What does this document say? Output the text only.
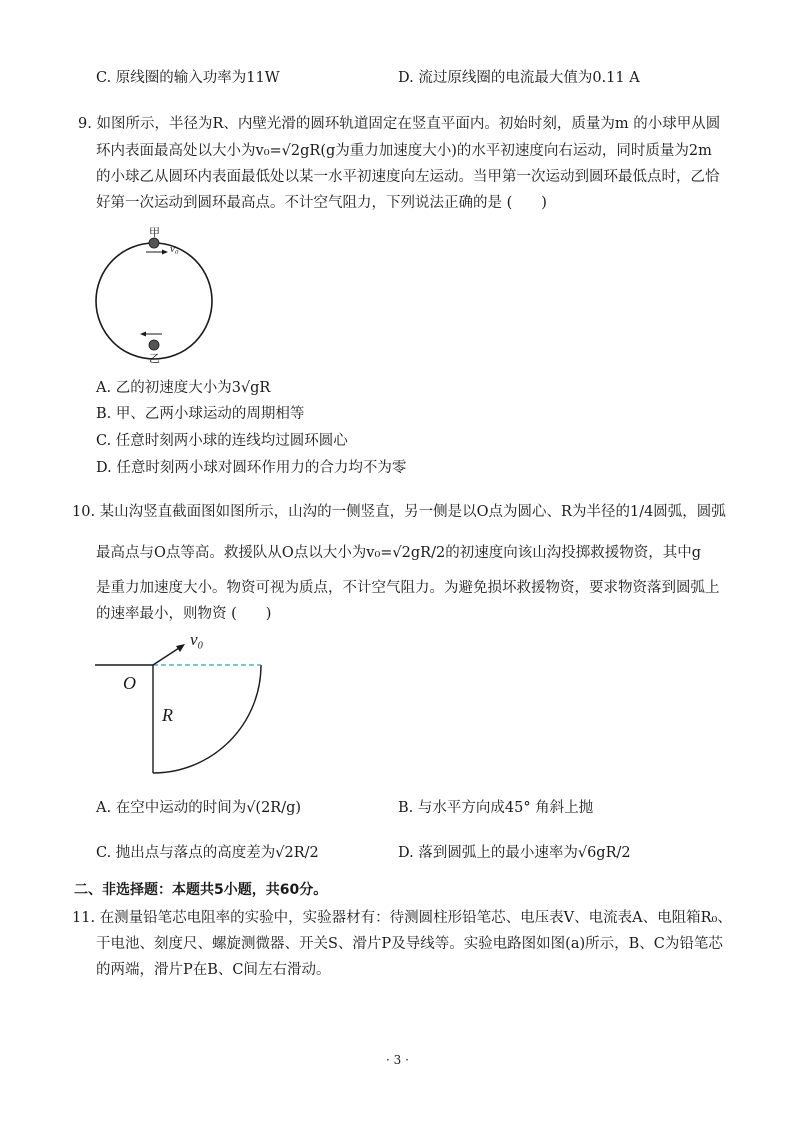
C. 原线圈的输入功率为11W	D. 流过原线圈的电流最大值为0.11 A
9. 如图所示，半径为R、内壁光滑的圆环轨道固定在竖直平面内。初始时刻，质量为m 的小球甲从圆
环内表面最高处以大小为v₀=√2gR(g为重力加速度大小)的水平初速度向右运动，同时质量为2m
的小球乙从圆环内表面最低处以某一水平初速度向左运动。当甲第一次运动到圆环最低点时，乙恰
好第一次运动到圆环最高点。不计空气阻力，下列说法正确的是 (　　)
甲
v₀
乙
A. 乙的初速度大小为3√gR
B. 甲、乙两小球运动的周期相等
C. 任意时刻两小球的连线均过圆环圆心
D. 任意时刻两小球对圆环作用力的合力均不为零
10. 某山沟竖直截面图如图所示，山沟的一侧竖直，另一侧是以O点为圆心、R为半径的1/4圆弧，圆弧
最高点与O点等高。救援队从O点以大小为v₀=√2gR/2的初速度向该山沟投掷救援物资，其中g
是重力加速度大小。物资可视为质点，不计空气阻力。为避免损坏救援物资，要求物资落到圆弧上
的速率最小，则物资 (　　)
v₀
O
R
A. 在空中运动的时间为√(2R/g)	B. 与水平方向成45° 角斜上抛
C. 抛出点与落点的高度差为√2R/2	D. 落到圆弧上的最小速率为√6gR/2
二、非选择题：本题共5小题，共60分。
11. 在测量铅笔芯电阻率的实验中，实验器材有：待测圆柱形铅笔芯、电压表V、电流表A、电阻箱R₀、
干电池、刻度尺、螺旋测微器、开关S、滑片P及导线等。实验电路图如图(a)所示，B、C为铅笔芯
的两端，滑片P在B、C间左右滑动。
· 3 ·
